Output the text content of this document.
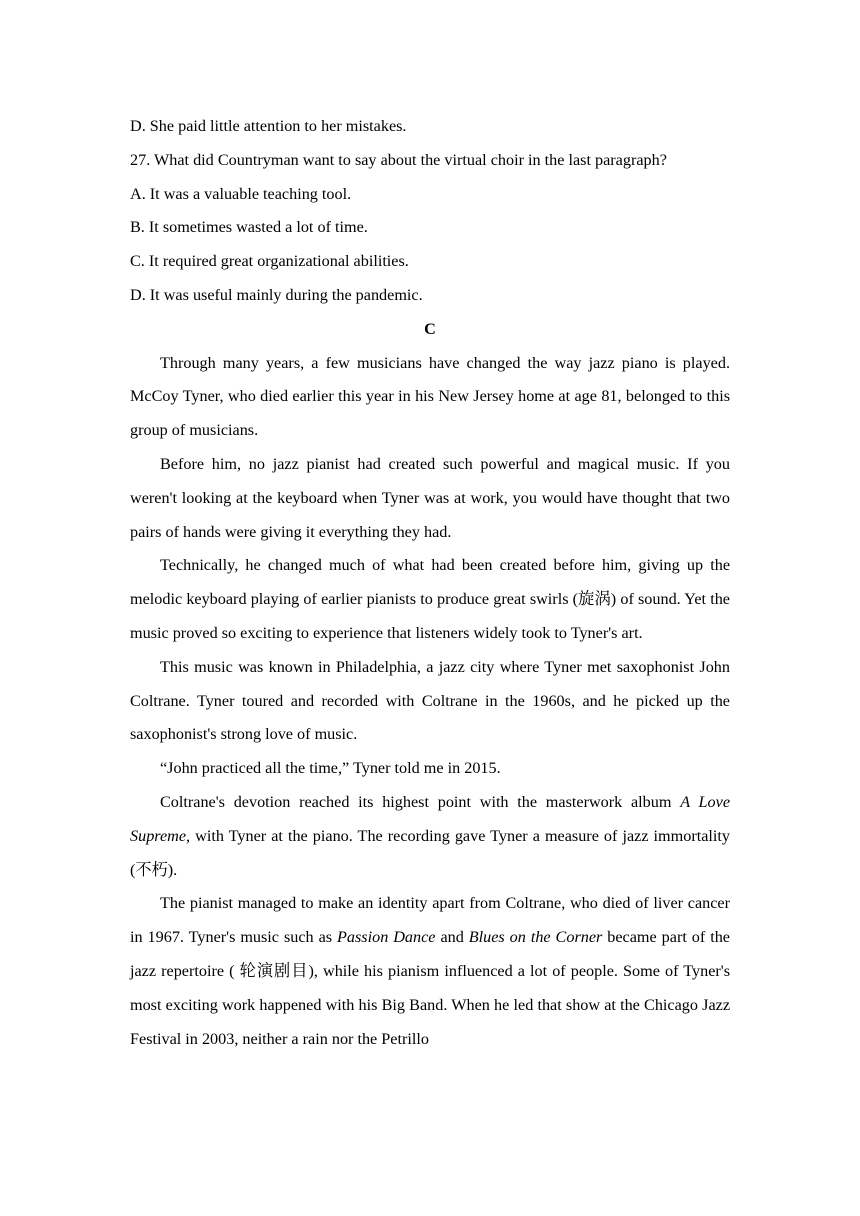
D. She paid little attention to her mistakes.
27. What did Countryman want to say about the virtual choir in the last paragraph?
A. It was a valuable teaching tool.
B. It sometimes wasted a lot of time.
C. It required great organizational abilities.
D. It was useful mainly during the pandemic.
C

Through many years, a few musicians have changed the way jazz piano is played. McCoy Tyner, who died earlier this year in his New Jersey home at age 81, belonged to this group of musicians.

Before him, no jazz pianist had created such powerful and magical music. If you weren't looking at the keyboard when Tyner was at work, you would have thought that two pairs of hands were giving it everything they had.

Technically, he changed much of what had been created before him, giving up the melodic keyboard playing of earlier pianists to produce great swirls (旋涡) of sound. Yet the music proved so exciting to experience that listeners widely took to Tyner's art.

This music was known in Philadelphia, a jazz city where Tyner met saxophonist John Coltrane. Tyner toured and recorded with Coltrane in the 1960s, and he picked up the saxophonist's strong love of music.

“John practiced all the time,” Tyner told me in 2015.

Coltrane's devotion reached its highest point with the masterwork album A Love Supreme, with Tyner at the piano. The recording gave Tyner a measure of jazz immortality (不朽).

The pianist managed to make an identity apart from Coltrane, who died of liver cancer in 1967. Tyner's music such as Passion Dance and Blues on the Corner became part of the jazz repertoire ( 轮演剧目), while his pianism influenced a lot of people. Some of Tyner's most exciting work happened with his Big Band. When he led that show at the Chicago Jazz Festival in 2003, neither a rain nor the Petrillo
